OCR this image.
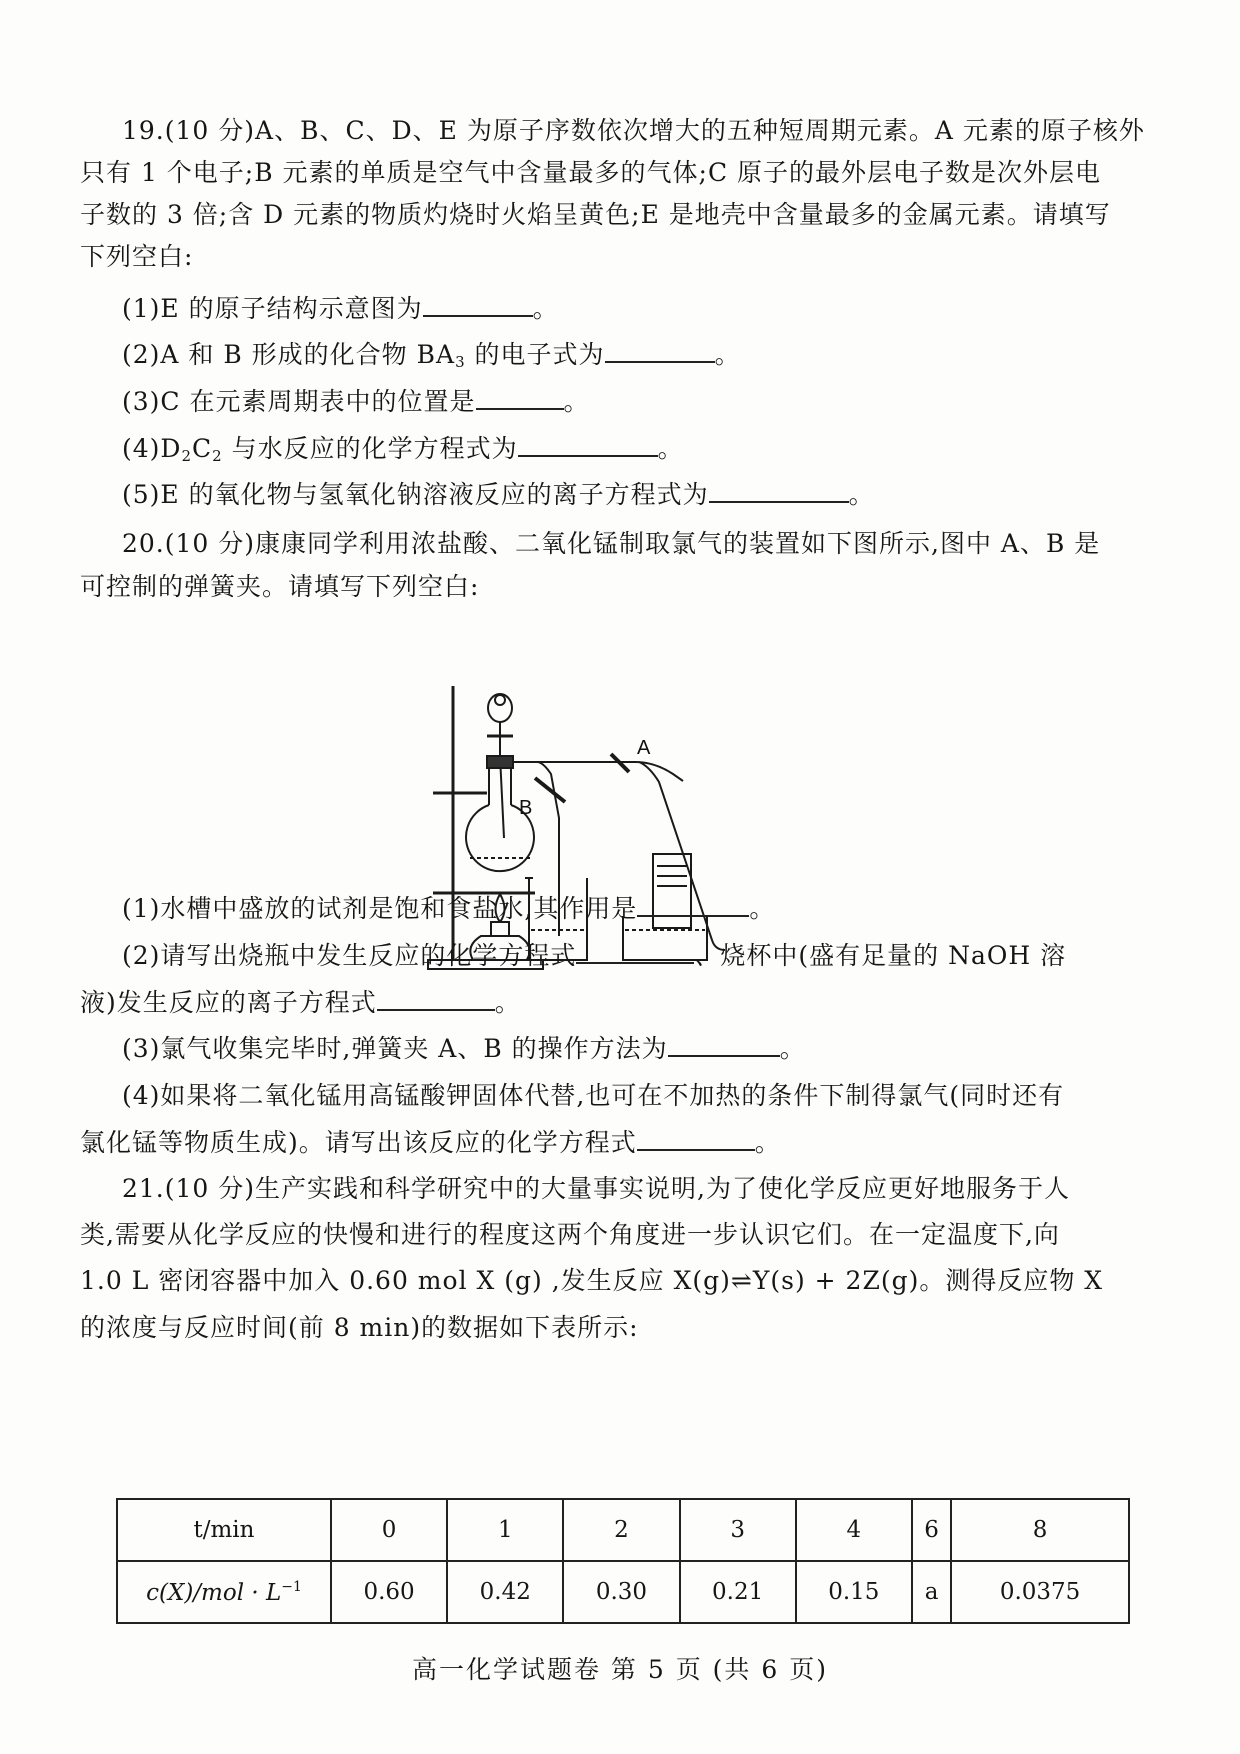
19.(10 分)A、B、C、D、E 为原子序数依次增大的五种短周期元素。A 元素的原子核外
只有 1 个电子;B 元素的单质是空气中含量最多的气体;C 原子的最外层电子数是次外层电
子数的 3 倍;含 D 元素的物质灼烧时火焰呈黄色;E 是地壳中含量最多的金属元素。请填写
下列空白:
(1)E 的原子结构示意图为	。
(2)A 和 B 形成的化合物 $BA_3$ 的电子式为	。
(3)C 在元素周期表中的位置是	。
$(4)D_2C_2$ 与水反应的化学方程式为	。
(5)E 的氧化物与氢氧化钠溶液反应的离子方程式为	。
20.(10 分)康康同学利用浓盐酸、二氧化锰制取氯气的装置如下图所示,图中 A、B 是
可控制的弹簧夹。请填写下列空白:
A
B
(1)水槽中盛放的试剂是饱和食盐水,其作用是	。
(2)请写出烧瓶中发生反应的化学方程式	、烧杯中(盛有足量的 NaOH 溶
液)发生反应的离子方程式	。
(3)氯气收集完毕时,弹簧夹 A、B 的操作方法为	。
(4)如果将二氧化锰用高锰酸钾固体代替,也可在不加热的条件下制得氯气(同时还有
氯化锰等物质生成)。请写出该反应的化学方程式	。
21.(10 分)生产实践和科学研究中的大量事实说明,为了使化学反应更好地服务于人
类,需要从化学反应的快慢和进行的程度这两个角度进一步认识它们。在一定温度下,向
1.0 L 密闭容器中加入 0.60 mol X (g) ,发生反应 X(g)⇌Y(s) + 2Z(g)。测得反应物 X
的浓度与反应时间(前 8 min)的数据如下表所示:
t/min	0	1	2	3	4	6	8
$c(X)/mol \cdot L^{-1}$	0.60	0.42	0.30	0.21	0.15	a	0.0375
高一化学试题卷 第 5 页 (共 6 页)
